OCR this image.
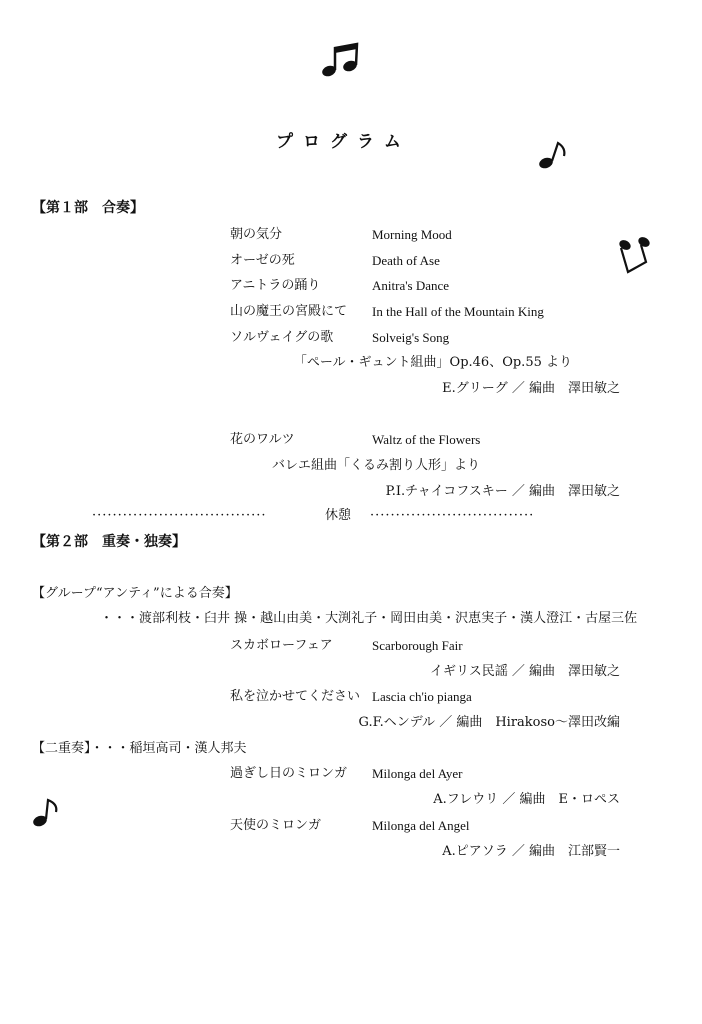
プログラム
【第１部　合奏】
朝の気分	Morning Mood
オーゼの死	Death of Ase
アニトラの踊り	Anitra's Dance
山の魔王の宮殿にて In the Hall of the Mountain King
ソルヴェイグの歌	Solveig's Song
「ペール・ギュント組曲」Op.46、Op.55 より
E.グリーグ ／ 編曲　澤田敏之
花のワルツ	Waltz of the Flowers
バレエ組曲「くるみ割り人形」より
P.I.チャイコフスキー ／ 編曲　澤田敏之
··································	休憩 ································
【第２部　重奏・独奏】
【グループ“アンティ”による合奏】
・・・渡部利枝・臼井 操・越山由美・大渕礼子・岡田由美・沢恵実子・漢人澄江・古屋三佐
スカボローフェア	Scarborough Fair
イギリス民謡 ／ 編曲　澤田敏之
私を泣かせてください Lascia ch'io pianga
G.F.ヘンデル ／ 編曲　Hirakoso〜澤田改編
【二重奏】・・・稲垣高司・漢人邦夫
過ぎし日のミロンガ Milonga del Ayer
A.フレウリ ／ 編曲　E・ロペス
天使のミロンガ	Milonga del Angel
A.ピアソラ ／ 編曲　江部賢一
